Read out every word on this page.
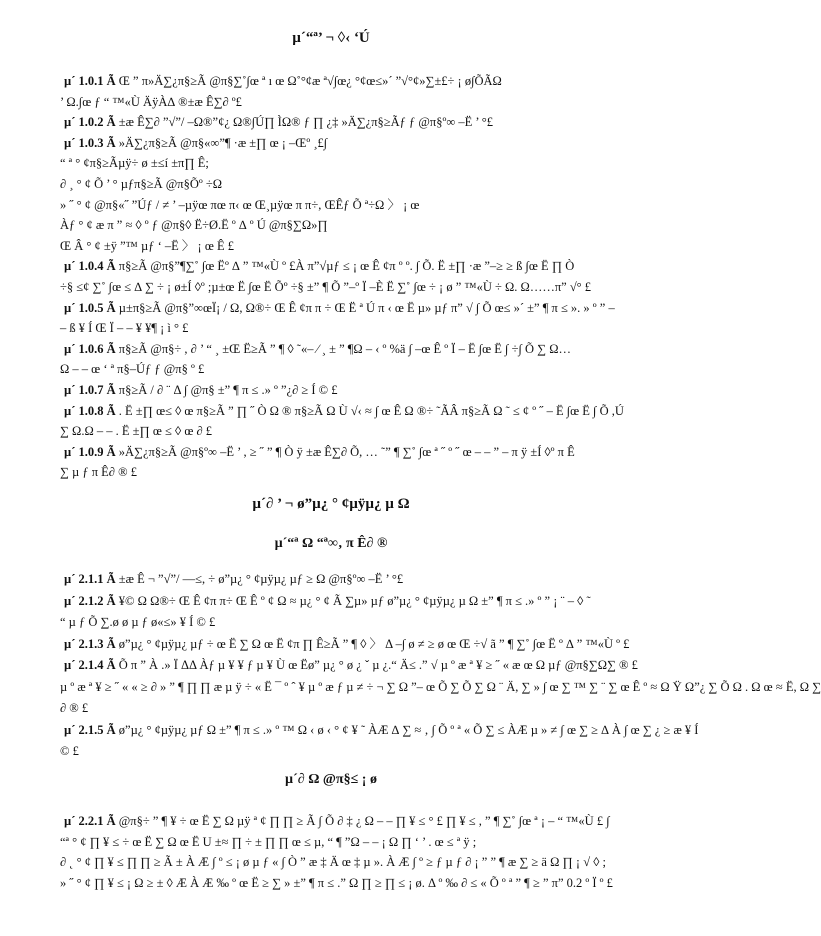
µ´“ª’ ¬ ◊‹ ‘Ú
µ´ 1.0.1 Ã Œ ” π»Ä∑¿π§≥Ã @π§∑˚∫œ ª ı œ Ω˚°¢æ ª√∫œ¿ °¢œ≤»´ ”√°¢»∑±£÷ ¡ ø∫ÕÃΩ
’ Ω.∫œ ƒ “ ™«Ù ÄÿÀ∆ ®±æ Ê∑∂ º£
µ´ 1.0.2 Ã ±æ Ê∑∂ ”√”/ –Ω®”¢¿ Ω®∫Ú∏ ÌΩ® ƒ ∏ ¿‡ »Ä∑¿π§≥Ãƒ ƒ @π§º∞ –Ë ’ °£
µ´ 1.0.3 Ã »Ä∑¿π§≥Ã @π§«∞”¶ ·æ ±∏ œ ¡ –Œº ¸£∫
“ ª ° ¢π§≥Ãµÿ÷ ø ±≤í ±π∏ Ê;
∂ ¸ ° ¢ Õ ’ ° µƒπ§≥Ã @π§Õº ÷Ω
» ˝ ° ¢ @π§«˝ ”Úƒ / ≠ ’ –µÿœ πœ π‹ œ Œ¸µÿœ π π÷, ŒÊƒ Õ ª÷Ω 〉 ¡ œ
Àƒ ° ¢ æ π ” ≈ ◊ º ƒ @π§◊ Ë÷Ø.Ë º ∆ º Ú @π§∑Ω»∏
Œ Â ° ¢ ±ÿ ”™ µƒ ‘ –Ë 〉 ¡ œ Ê £
µ´ 1.0.4 Ã π§≥Ã @π§”¶∑˚ ∫œ Ëº ∆ ” ™«Ù º £À π”√µƒ ≤ ¡ œ Ê ¢π º º. ∫ Õ. Ë ±∏ ·æ ”–≥ ≥ ß ∫œ Ë ∏ Ò
÷§ ≤¢ ∑˚ ∫œ ≤ ∆ ∑ ÷ ¡ ø±Í ◊º ;µ±œ Ë ∫œ Ë Õº ÷§ ±” ¶ Õ ”–º Ï –È Ë ∑˚ ∫œ ÷ ¡ ø ” ™«Ù ÷ Ω. Ω……π” √° £
µ´ 1.0.5 Ã µ±π§≥Ã @π§”∞œÏ¡ / Ω, Ω®÷ Œ Ê ¢π π ÷ Œ Ë ª Ú π ‹ œ Ë µ» µƒ π” √ ∫ Õ œ≤ »´ ±” ¶ π ≤ ». » º ” –
– ß ¥ Í Œ Ï – – ¥ ¥¶ ¡ ì ° £
µ´ 1.0.6 Ã π§≥Ã @π§÷ , ∂ ’ “ ¸ ±Œ Ë≥Ã ” ¶ ◊ ˜«– ⁄ ¸ ± ” ¶Ω – ‹ º %ä ∫ –œ Ê º Ï – Ë ∫œ Ë ∫ ÷∫ Õ ∑ Ω…
Ω – – œ ‘ ª π§–Úƒ ƒ @π§ º £
µ´ 1.0.7 Ã π§≥Ã / ∂ ¨ Δ ∫ @π§ ±” ¶ π ≤ .» º ”¿∂ ≥ Í © £
µ´ 1.0.8 Ã . Ë ±∏ œ≤ ◊ œ π§≥Ã ” ∏ ˝ Ò Ω ® π§≥Ã Ω Ù √‹ ≈ ∫ œ Ê Ω ®÷ ˜ÃÂ π§≥Ã Ω ˜ ≤ ¢ º ˝ – Ë ∫œ Ë ∫ Õ ,Ú
∑ Ω.Ω – – . Ë ±∏ œ ≤ ◊ œ ∂ £
µ´ 1.0.9 Ã »Ä∑¿π§≥Ã @π§º∞ –Ë ’ , ≥ ˝ ” ¶ Ò ÿ ±æ Ê∑∂ Õ, … ˜” ¶ ∑˚ ∫œ ª ˝ º ˝ œ – – ” – π ÿ ±Í ◊º π Ê
∑ µ ƒ π Ê∂ ® £
µ´∂ ’ ¬ ø”µ¿ ° ¢µÿµ¿ µ Ω
µ´“ª Ω “ª∞‚ π Ê∂ ®
µ´ 2.1.1 Ã ±æ Ê ¬ ”√”/ —≤, ÷ ø”µ¿ ° ¢µÿµ¿ µƒ ≥ Ω @π§º∞ –Ë ’ °£
µ´ 2.1.2 Ã ¥© Ω Ω®÷ Œ Ê ¢π π÷ Œ Ê º ¢ Ω ≈ µ¿ ° ¢ Ã ∑µ» µƒ ø”µ¿ ° ¢µÿµ¿ µ Ω ±” ¶ π ≤ .» º ” ¡ ¨ – ◊ ˜
“ µ ƒ Õ ∑.ø ø µ ƒ ø«≤» ¥ Í © £
µ´ 2.1.3 Ã ø”µ¿ ° ¢µÿµ¿ µƒ ÷ œ Ë ∑ Ω œ Ë ¢π ∏ Ê≥Ã ” ¶ ◊ 〉 Δ –∫ ø ≠ ≥ ø œ Œ ÷√ ã ” ¶ ∑˚ ∫œ Ë º ∆ ” ™«Ù º £
µ´ 2.1.4 Ã Õ π ” À .» Ï ΔΔ Àƒ µ ¥ ¥ ƒ µ ¥ Ù œ Ëø” µ¿ ° ø ¿ ˇ µ ¿.“ Ä≤ .” √ µ º æ ª ¥ ≥ ˝ « æ œ Ω µƒ @π§∑Ω∑ ® £
µ º æ ª ¥ ≥ ˝ « « ≥ ∂ » ” ¶ ∏ ∏ æ µ ÿ ÷ « Ë ¯ º ˆ ¥ µ º æ ƒ µ ≠ ÷ ¬ ∑ Ω ”– œ Õ ∑ Õ ∑ Ω ¨ Ä, ∑ » ∫ œ ∑ ™ ∑ ¨ ∑ œ Ê º ≈ Ω Ÿ Ω”¿ ∑ Õ Ω . Ω œ ≈ Ë, Ω ∑
∂ ® £
µ´ 2.1.5 Ã ø”µ¿ ° ¢µÿµ¿ µƒ Ω ±” ¶ π ≤ .» º ™ Ω ‹ ø ‹ ° ¢ ¥ ˜ ÀÆ ∆ ∑ ≈ ‚ ∫ Õ º ª « Õ ∑ ≤ ÀÆ µ » ≠ ∫ œ ∑ ≥ ∆ À ∫ œ ∑ ¿ ≥ æ ¥ Í
© £
µ´∂ Ω @π§≤ ¡ ø
µ´ 2.2.1 Ã @π§÷ ” ¶ ¥ ÷ œ Ë ∑ Ω µÿ ª ¢ ∏ ∏ ≥ Ã ∫ Õ ∂ ‡ ¿ Ω – – ∏ ¥ ≤ ° £ ∏ ¥ ≤ , ” ¶ ∑˚ ∫œ ª ¡ – “ ™«Ù £ ∫
“ª ° ¢ ∏ ¥ ≤ ÷ œ Ë ∑ Ω œ Ë U ±≈ ∏ ÷ ± ∏ ∏ œ ≤ µ, “ ¶ ”Ω – – ¡ Ω ∏ ‘ ’ . œ ≤ ª ÿ ;
∂ ˛ ° ¢ ∏ ¥ ≤ ∏ ∏ ≥ Ã ± À Æ ∫ º ≤ ¡ ø µ ƒ « ∫ Ò ” æ ‡ Ä œ ‡ µ ». À Æ ∫ º ≥ ƒ µ ƒ ∂ ¡ ” ” ¶ æ ∑ ≥ ä Ω ∏ ¡ √ ◊ ;
» ˝ ° ¢ ∏ ¥ ≤ ¡ Ω ≥ ± ◊ Æ À Æ ‰ º œ Ë ≥ ∑ » ±” ¶ π ≤ .” Ω ∏ ≥ ∏ ≤ ¡ ø. Δ º ‰ ∂ ≤ « Õ º ª ” ¶ ≥ ” π” 0.2 º Ï º £
